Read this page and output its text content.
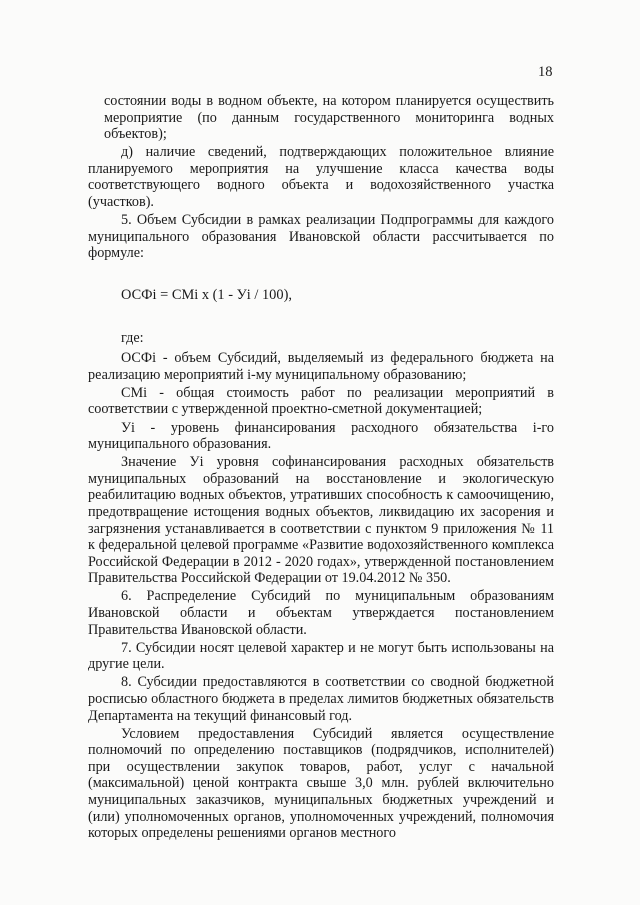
18

состоянии воды в водном объекте, на котором планируется осуществить мероприятие (по данным государственного мониторинга водных объектов);

д) наличие сведений, подтверждающих положительное влияние планируемого мероприятия на улучшение класса качества воды соответствующего водного объекта и водохозяйственного участка (участков).

5. Объем Субсидии в рамках реализации Подпрограммы для каждого муниципального образования Ивановской области рассчитывается по формуле:

ОСФi = СМi х (1 - Уi / 100),

где:

ОСФi - объем Субсидий, выделяемый из федерального бюджета на реализацию мероприятий i-му муниципальному образованию;

СМi - общая стоимость работ по реализации мероприятий в соответствии с утвержденной проектно-сметной документацией;

Уi - уровень финансирования расходного обязательства i-го муниципального образования.

Значение Уi уровня софинансирования расходных обязательств муниципальных образований на восстановление и экологическую реабилитацию водных объектов, утративших способность к самоочищению, предотвращение истощения водных объектов, ликвидацию их засорения и загрязнения устанавливается в соответствии с пунктом 9 приложения № 11 к федеральной целевой программе «Развитие водохозяйственного комплекса Российской Федерации в 2012 - 2020 годах», утвержденной постановлением Правительства Российской Федерации от 19.04.2012 № 350.

6. Распределение Субсидий по муниципальным образованиям Ивановской области и объектам утверждается постановлением Правительства Ивановской области.

7. Субсидии носят целевой характер и не могут быть использованы на другие цели.

8. Субсидии предоставляются в соответствии со сводной бюджетной росписью областного бюджета в пределах лимитов бюджетных обязательств Департамента на текущий финансовый год.

Условием предоставления Субсидий является осуществление полномочий по определению поставщиков (подрядчиков, исполнителей) при осуществлении закупок товаров, работ, услуг с начальной (максимальной) ценой контракта свыше 3,0 млн. рублей включительно муниципальных заказчиков, муниципальных бюджетных учреждений и (или) уполномоченных органов, уполномоченных учреждений, полномочия которых определены решениями органов местного
